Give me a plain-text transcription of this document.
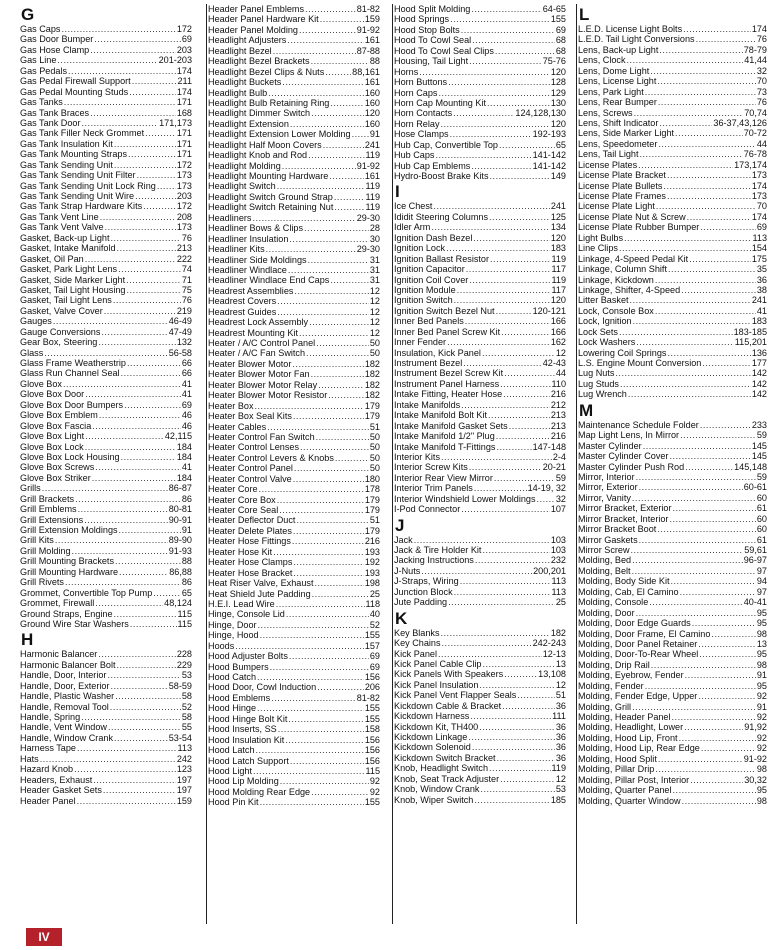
G
Gas Caps .....	172
Gas Door Bumper .....	69
Gas Hose Clamp .....	203
Gas Line .....	201-203
Gas Pedals .....	174
Gas Pedal Firewall Support .....	211
Gas Pedal Mounting Studs .....	174
Gas Tanks .....	171
Gas Tank Braces .....	168
Gas Tank Door .....	171,173
Gas Tank Filler Neck Grommet .....	171
Gas Tank Insulation Kit .....	171
Gas Tank Mounting Straps .....	171
Gas Tank Sending Unit .....	172
Gas Tank Sending Unit Filter .....	173
Gas Tank Sending Unit Lock Ring ..... 173
Gas Tank Sending Unit Wire .....	203
Gas Tank Strap Hardware Kits .....	172
Gas Tank Vent Line .....	208
Gas Tank Vent Valve .....	173
Gasket, Back-up Light .....	76
Gasket, Intake Manifold .....	213
Gasket, Oil Pan .....	222
Gasket, Park Light Lens .....	74
Gasket, Side Marker Light .....	71
Gasket, Tail Light Housing .....	75
Gasket, Tail Light Lens .....	76
Gasket, Valve Cover .....	219
Gauges .....	46-49
Gauge Conversions .....	47-49
Gear Box, Steering .....	132
Glass .....	56-58
Glass Frame Weatherstrip .....	66
Glass Run Channel Seal .....	66
Glove Box .....	41
Glove Box Door .....	41
Glove Box Door Bumpers .....	69
Glove Box Emblem .....	46
Glove Box Fascia .....	46
Glove Box Light .....	42,115
Glove Box Lock .....	184
Glove Box Lock Housing .....	184
Glove Box Screws .....	41
Glove Box Striker .....	184
Grills .....	86-87
Grill Brackets .....	86
Grill Emblems .....	80-81
Grill Extensions .....	90-91
Grill Extension Moldings .....	91
Grill Kits .....	89-90
Grill Molding .....	91-93
Grill Mounting Brackets .....	88
Grill Mounting Hardware .....	86,88
Grill Rivets .....	86
Grommet, Convertible Top Pump .....	65
Grommet, Firewall .....	48,124
Ground Straps, Engine .....	115
Ground Wire Star Washers .....	115
H
Harmonic Balancer .....	228
Harmonic Balancer Bolt .....	229
Handle, Door, Interior .....	53
Handle, Door, Exterior .....	58-59
Handle, Plastic Washer .....	58
Handle, Removal Tool .....	52
Handle, Spring .....	58
Handle, Vent Window .....	55
Handle, Window Crank .....	53-54
Harness Tape .....	113
Hats .....	242
Hazard Knob .....	123
Headers, Exhaust .....	197
Header Gasket Sets .....	197
Header Panel .....	159
Header Panel Emblems .....	81-82
Header Panel Hardware Kit .....	159
Header Panel Molding .....	91-92
Headlight Adjusters .....	161
Headlight Bezel .....	87-88
Headlight Bezel Brackets .....	88
Headlight Bezel Clips & Nuts .....	88,161
Headlight Buckets .....	161
Headlight Bulb .....	160
Headlight Bulb Retaining Ring .....	160
Headlight Dimmer Switch .....	120
Headlight Extension .....	160
Headlight Extension Lower Molding ..... 91
Headlight Half Moon Covers .....	241
Headlight Knob and Rod .....	119
Headlight Molding .....	91-92
Headlight Mounting Hardware .....	161
Headlight Switch .....	119
Headlight Switch Ground Strap .....	119
Headlight Switch Retaining Nut .....	119
Headliners .....	29-30
Headliner Bows & Clips .....	28
Headliner Insulation .....	30
Headliner Kits .....	29-30
Headliner Side Moldings .....	31
Headliner Windlace .....	31
Headliner Windlace End Caps .....	31
Headrest Assemblies .....	12
Headrest Covers .....	12
Headrest Guides .....	12
Headrest Lock Assembly .....	12
Headrest Mounting Kit .....	12
Heater / A/C Control Panel .....	50
Heater / A/C Fan Switch .....	50
Heater Blower Motor .....	182
Heater Blower Motor Fan .....	182
Heater Blower Motor Relay .....	182
Heater Blower Motor Resistor .....	182
Heater Box .....	179
Heater Box Seal Kits .....	179
Heater Cables .....	51
Heater Control Fan Switch .....	50
Heater Control Lenses .....	50
Heater Control Levers & Knobs .....	50
Heater Control Panel .....	50
Heater Control Valve .....	180
Heater Core .....	178
Heater Core Box .....	179
Heater Core Seal .....	179
Heater Deflector Duct .....	51
Heater Delete Plates .....	179
Heater Hose Fittings .....	216
Heater Hose Kit .....	193
Heater Hose Clamps .....	192
Heater Hose Bracket .....	193
Heat Riser Valve, Exhaust .....	198
Heat Shield Jute Padding .....	25
H.E.I. Lead Wire .....	118
Hinge, Console Lid .....	40
Hinge, Door .....	52
Hinge, Hood .....	155
Hoods .....	157
Hood Adjuster Bolts .....	69
Hood Bumpers .....	69
Hood Catch .....	156
Hood Door, Cowl Induction .....	206
Hood Emblems .....	81-82
Hood Hinge .....	155
Hood Hinge Bolt Kit .....	155
Hood Inserts, SS .....	158
Hood Insulation Kit .....	156
Hood Latch .....	156
Hood Latch Support .....	156
Hood Light .....	115
Hood Lip Molding .....	92
Hood Molding Rear Edge .....	92
Hood Pin Kit .....	155
Hood Split Molding .....	64-65
Hood Springs .....	155
Hood Stop Bolts .....	69
Hood To Cowl Seal .....	68
Hood To Cowl Seal Clips .....	68
Housing, Tail Light .....	75-76
Horns .....	120
Horn Buttons .....	128
Horn Caps .....	129
Horn Cap Mounting Kit .....	130
Horn Contacts .....	124,128,130
Horn Relay .....	120
Hose Clamps .....	192-193
Hub Cap, Convertible Top .....	65
Hub Caps .....	141-142
Hub Cap Emblems .....	141-142
Hydro-Boost Brake Kits .....	149
I
Ice Chest .....	241
Ididit Steering Columns .....	125
Idler Arm .....	134
Ignition Dash Bezel .....	120
Ignition Lock .....	183
Ignition Ballast Resistor .....	119
Ignition Capacitor .....	117
Ignition Coil Cover .....	119
Ignition Module .....	117
Ignition Switch .....	120
Ignition Switch Bezel Nut .....	120-121
Inner Bed Panels .....	166
Inner Bed Panel Screw Kit .....	166
Inner Fender .....	162
Insulation, Kick Panel .....	12
Instrument Bezel .....	42-43
Instrument Bezel Screw Kit .....	44
Instrument Panel Harness .....	110
Intake Fitting, Heater Hose .....	216
Intake Manifolds .....	212
Intake Manifold Bolt Kit .....	213
Intake Manifold Gasket Sets .....	213
Intake Manifold 1/2" Plug .....	216
Intake Manifold T-Fittings .....	147-148
Interior Kits .....	2-4
Interior Screw Kits .....	20-21
Interior Rear View Mirror .....	59
Interior Trim Panels .....	14-19, 32
Interior Windshield Lower Moldings ..... 32
I-Pod Connector .....	107
J
Jack .....	103
Jack & Tire Holder Kit .....	103
Jacking Instructions .....	232
J-Nuts .....	200,201
J-Straps, Wiring .....	113
Junction Block .....	113
Jute Padding .....	25
K
Key Blanks .....	182
Key Chains .....	242-243
Kick Panel .....	12-13
Kick Panel Cable Clip .....	13
Kick Panels With Speakers .....	13,108
Kick Panel Insulation .....	12
Kick Panel Vent Flapper Seals .....	51
Kickdown Cable & Bracket .....	36
Kickdown Harness .....	111
Kickdown Kit, TH400 .....	36
Kickdown Linkage .....	36
Kickdown Solenoid .....	36
Kickdown Switch Bracket .....	36
Knob, Headlight Switch .....	119
Knob, Seat Track Adjuster .....	12
Knob, Window Crank .....	53
Knob, Wiper Switch .....	185
L
L.E.D. License Light Bolts .....	174
L.E.D. Tail Light Conversions .....	76
Lens, Back-up Light .....	78-79
Lens, Clock .....	41,44
Lens, Dome Light .....	32
Lens, License Light .....	70
Lens, Park Light .....	73
Lens, Rear Bumper .....	76
Lens, Screws .....	70,74
Lens, Shift Indicator .....	36-37,43,126
Lens, Side Marker Light .....	70-72
Lens, Speedometer .....	44
Lens, Tail Light .....	76-78
License Plates .....	173,174
License Plate Bracket .....	173
License Plate Bullets .....	174
License Plate Frames .....	173
License Plate Light .....	70
License Plate Nut & Screw .....	174
License Plate Rubber Bumper .....	69
Light Bulbs .....	113
Line Clips .....	154
Linkage, 4-Speed Pedal Kit .....	175
Linkage, Column Shift .....	35
Linkage, Kickdown .....	36
Linkage, Shifter, 4-Speed .....	38
Litter Basket .....	241
Lock, Console Box .....	41
Lock, Ignition .....	183
Lock Sets .....	183-185
Lock Washers .....	115,201
Lowering Coil Springs .....	136
L.S. Engine Mount Conversion .....	177
Lug Nuts .....	142
Lug Studs .....	142
Lug Wrench .....	142
M
Maintenance Schedule Folder .....	233
Map Light Lens, In Mirror .....	59
Master Cylinder .....	145
Master Cylinder Cover .....	145
Master Cylinder Push Rod .....	145,148
Mirror, Interior .....	59
Mirror, Exterior .....	60-61
Mirror, Vanity .....	60
Mirror Bracket, Exterior .....	61
Mirror Bracket, Interior .....	60
Mirror Bracket Boot .....	60
Mirror Gaskets .....	61
Mirror Screw .....	59,61
Molding, Bed .....	96-97
Molding, Belt .....	97
Molding, Body Side Kit .....	94
Molding, Cab, El Camino .....	97
Molding, Console .....	40-41
Molding, Door .....	95
Molding, Door Edge Guards .....	95
Molding, Door Frame, El Camino .....	98
Molding, Door Panel Retainer .....	13
Molding, Door-To-Rear Wheel .....	95
Molding, Drip Rail .....	98
Molding, Eyebrow, Fender .....	91
Molding, Fender .....	95
Molding, Fender Edge, Upper .....	92
Molding, Grill .....	91
Molding, Header Panel .....	92
Molding, Headlight, Lower .....	91,92
Molding, Hood Lip, Front .....	92
Molding, Hood Lip, Rear Edge .....	92
Molding, Hood Split .....	91-92
Molding, Pillar Drip .....	98
Molding, Pillar Post, Interior .....	30,32
Molding, Quarter Panel .....	95
Molding, Quarter Window .....	98
IV
